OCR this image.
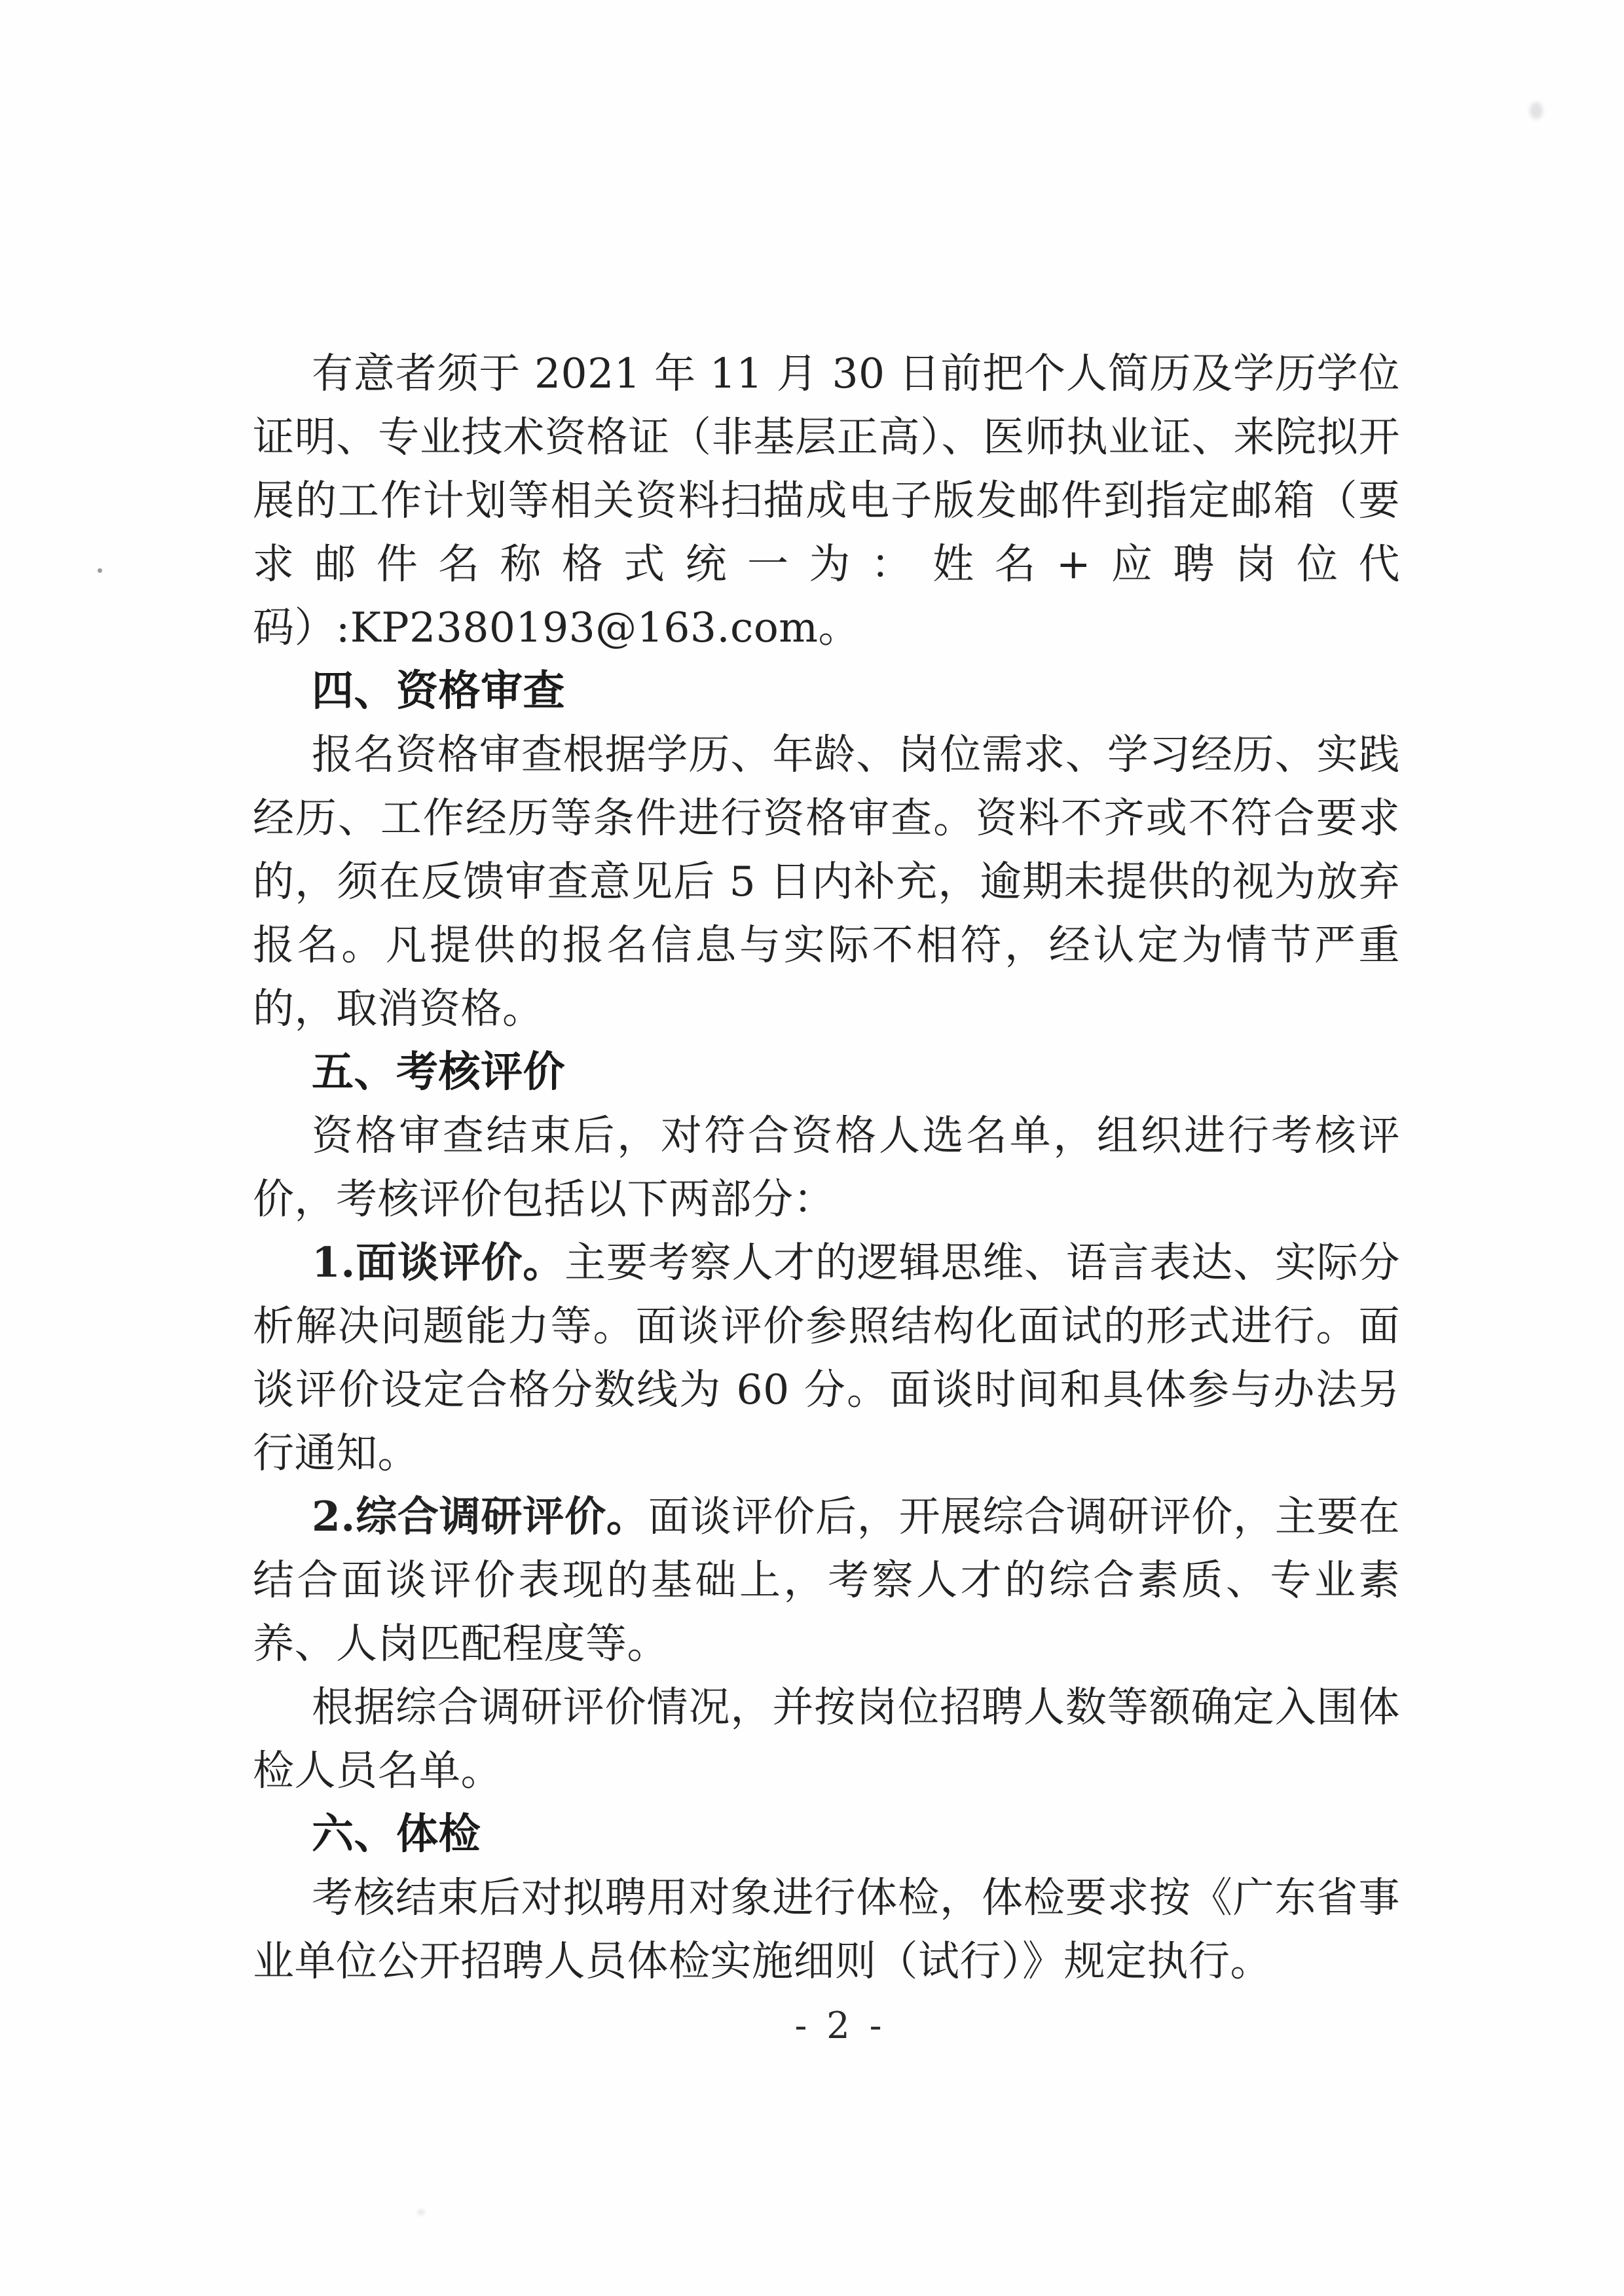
有意者须于 2021 年 11 月 30 日前把个人简历及学历学位证明、专业技术资格证（非基层正高）、医师执业证、来院拟开展的工作计划等相关资料扫描成电子版发邮件到指定邮箱（要求邮件名称格式统一为：姓名+应聘岗位代码）:KP2380193@163.com。

四、资格审查

报名资格审查根据学历、年龄、岗位需求、学习经历、实践经历、工作经历等条件进行资格审查。资料不齐或不符合要求的，须在反馈审查意见后 5 日内补充，逾期未提供的视为放弃报名。凡提供的报名信息与实际不相符，经认定为情节严重的，取消资格。

五、考核评价

资格审查结束后，对符合资格人选名单，组织进行考核评价，考核评价包括以下两部分：

1.面谈评价。主要考察人才的逻辑思维、语言表达、实际分析解决问题能力等。面谈评价参照结构化面试的形式进行。面谈评价设定合格分数线为 60 分。面谈时间和具体参与办法另行通知。

2.综合调研评价。面谈评价后，开展综合调研评价，主要在结合面谈评价表现的基础上，考察人才的综合素质、专业素养、人岗匹配程度等。

根据综合调研评价情况，并按岗位招聘人数等额确定入围体检人员名单。

六、体检

考核结束后对拟聘用对象进行体检，体检要求按《广东省事业单位公开招聘人员体检实施细则（试行）》规定执行。

- 2 -
